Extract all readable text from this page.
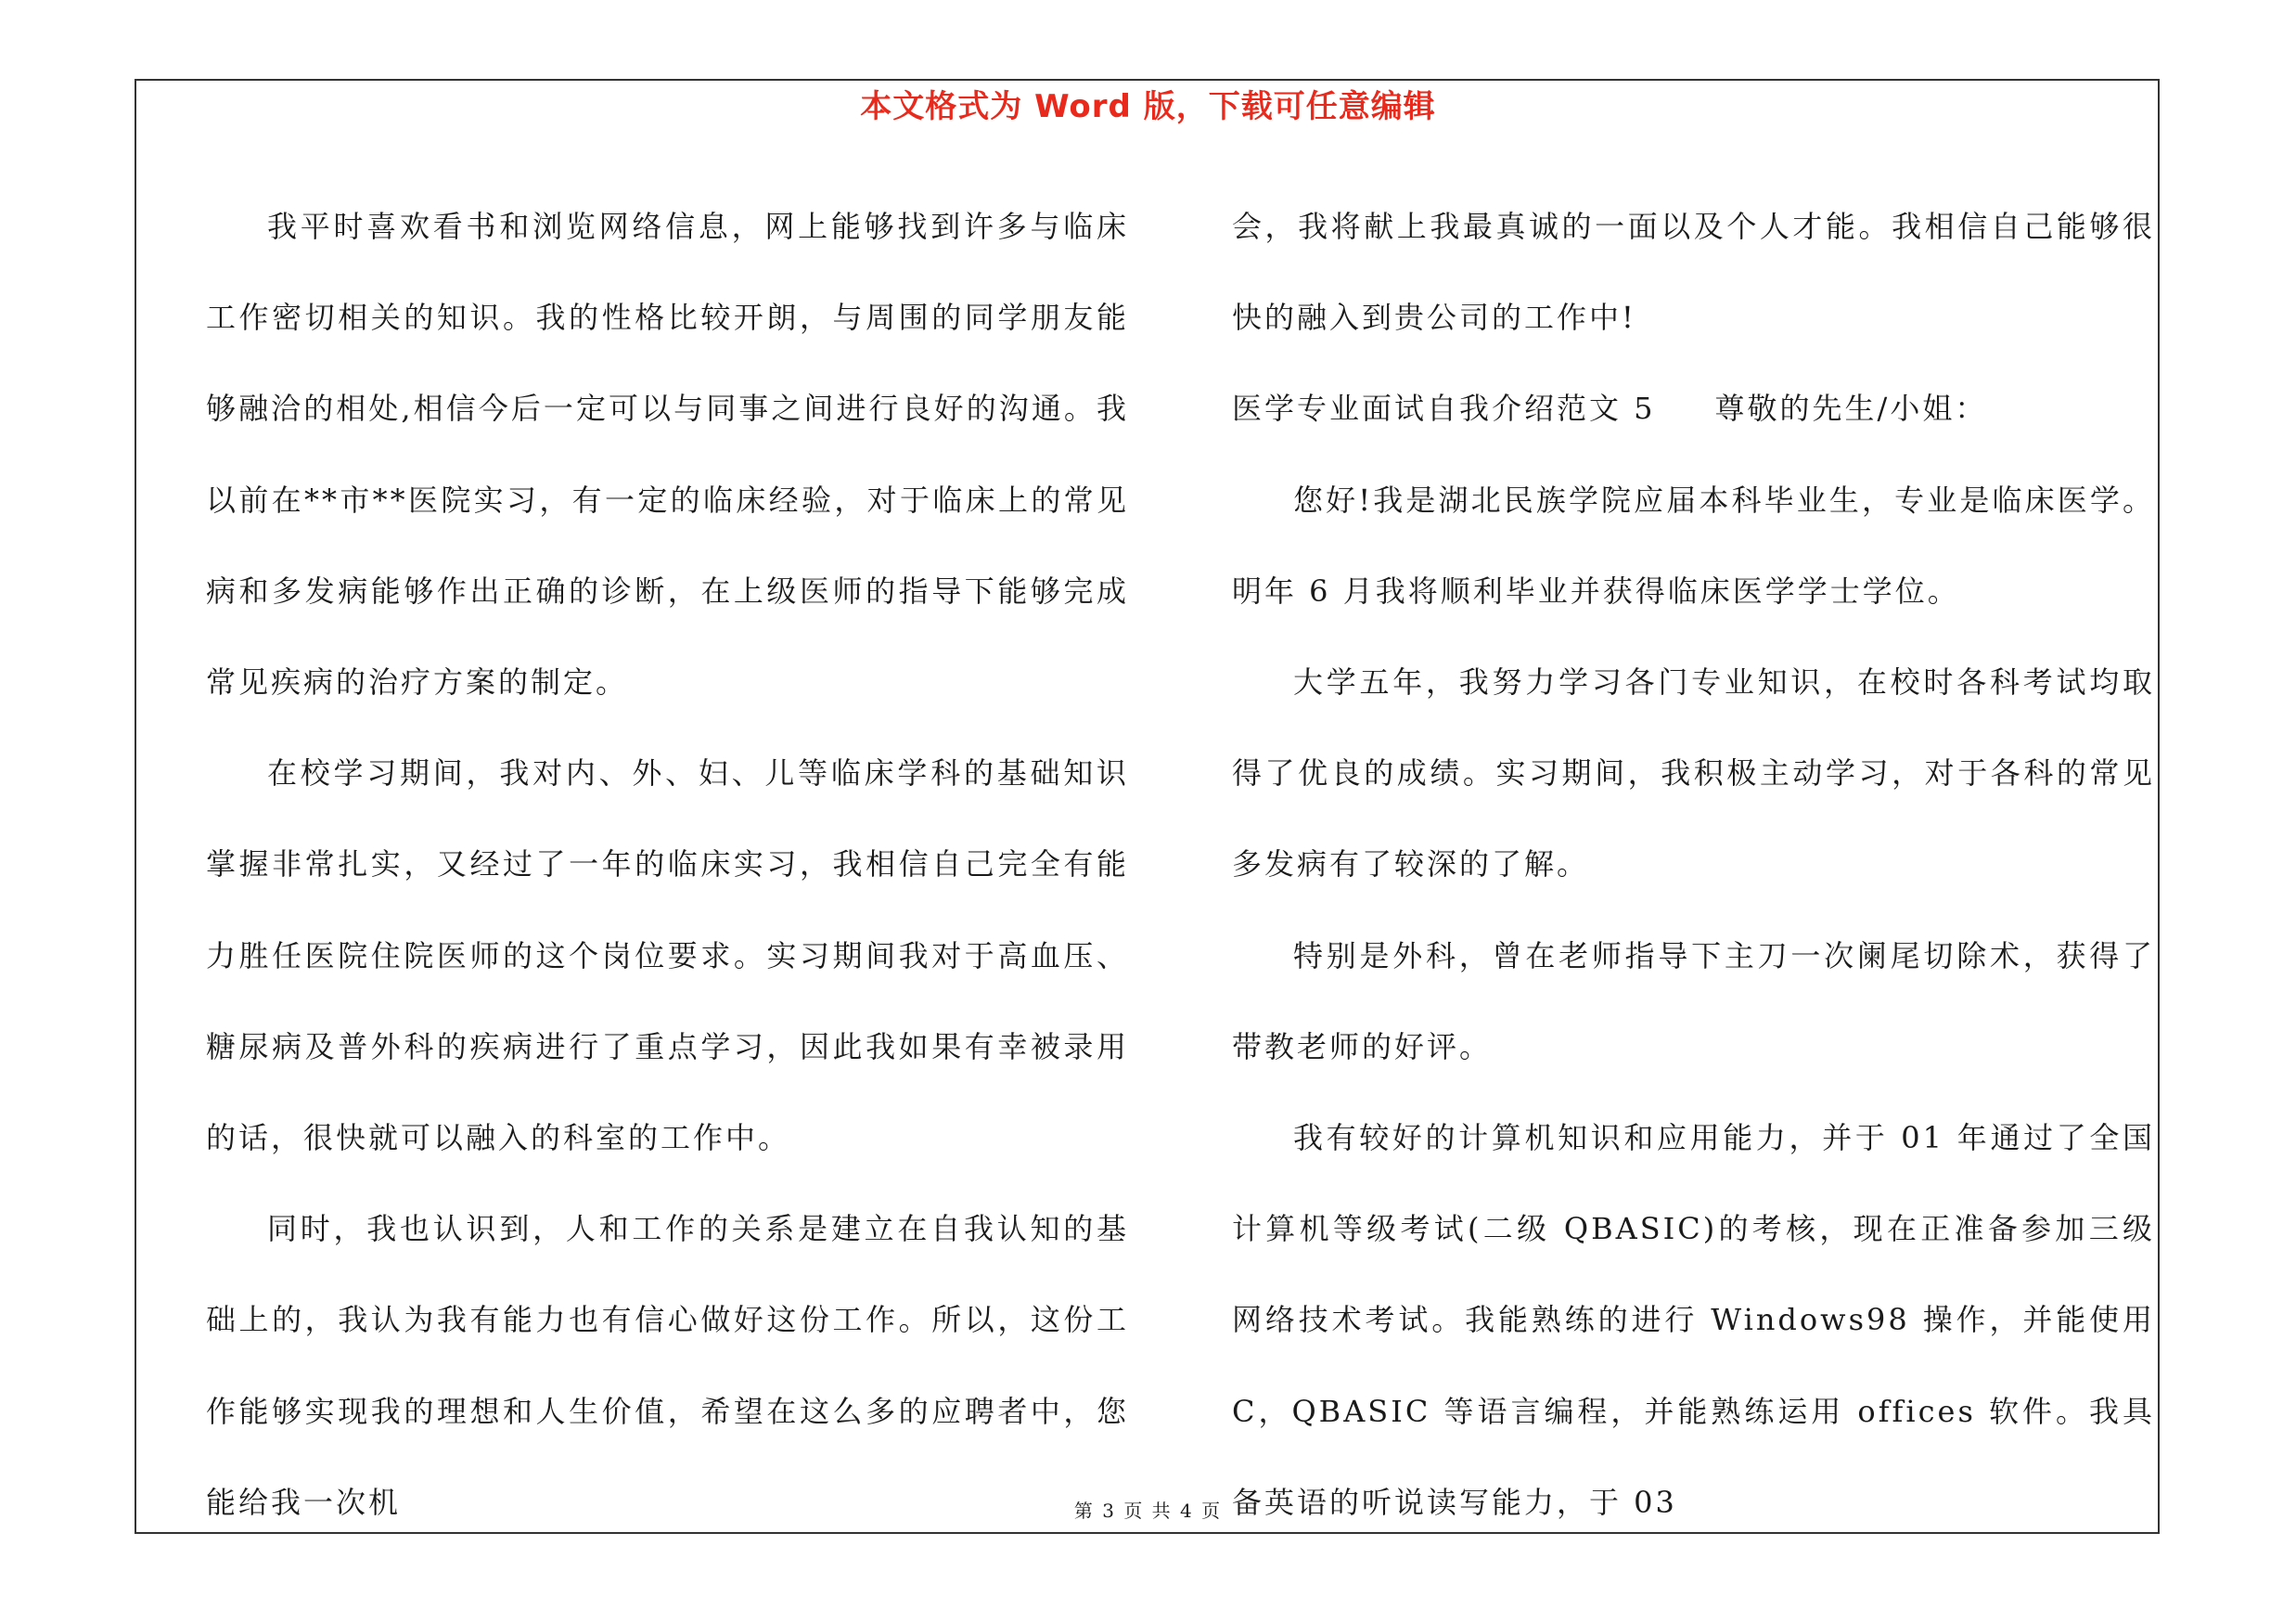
本文格式为 Word 版，下载可任意编辑

我平时喜欢看书和浏览网络信息，网上能够找到许多与临床工作密切相关的知识。我的性格比较开朗，与周围的同学朋友能够融洽的相处,相信今后一定可以与同事之间进行良好的沟通。我以前在**市**医院实习，有一定的临床经验，对于临床上的常见病和多发病能够作出正确的诊断，在上级医师的指导下能够完成常见疾病的治疗方案的制定。

在校学习期间，我对内、外、妇、儿等临床学科的基础知识掌握非常扎实，又经过了一年的临床实习，我相信自己完全有能力胜任医院住院医师的这个岗位要求。实习期间我对于高血压、糖尿病及普外科的疾病进行了重点学习，因此我如果有幸被录用的话，很快就可以融入的科室的工作中。

同时，我也认识到，人和工作的关系是建立在自我认知的基础上的，我认为我有能力也有信心做好这份工作。所以，这份工作能够实现我的理想和人生价值，希望在这么多的应聘者中，您能给我一次机

会，我将献上我最真诚的一面以及个人才能。我相信自己能够很快的融入到贵公司的工作中!

医学专业面试自我介绍范文 5 尊敬的先生/小姐：

您好!我是湖北民族学院应届本科毕业生，专业是临床医学。明年 6 月我将顺利毕业并获得临床医学学士学位。

大学五年，我努力学习各门专业知识，在校时各科考试均取得了优良的成绩。实习期间，我积极主动学习，对于各科的常见多发病有了较深的了解。

特别是外科，曾在老师指导下主刀一次阑尾切除术，获得了带教老师的好评。

我有较好的计算机知识和应用能力，并于 01 年通过了全国计算机等级考试(二级 QBASIC)的考核，现在正准备参加三级网络技术考试。我能熟练的进行 Windows98 操作，并能使用 C，QBASIC 等语言编程，并能熟练运用 offices 软件。我具备英语的听说读写能力，于 03

第 3 页 共 4 页
